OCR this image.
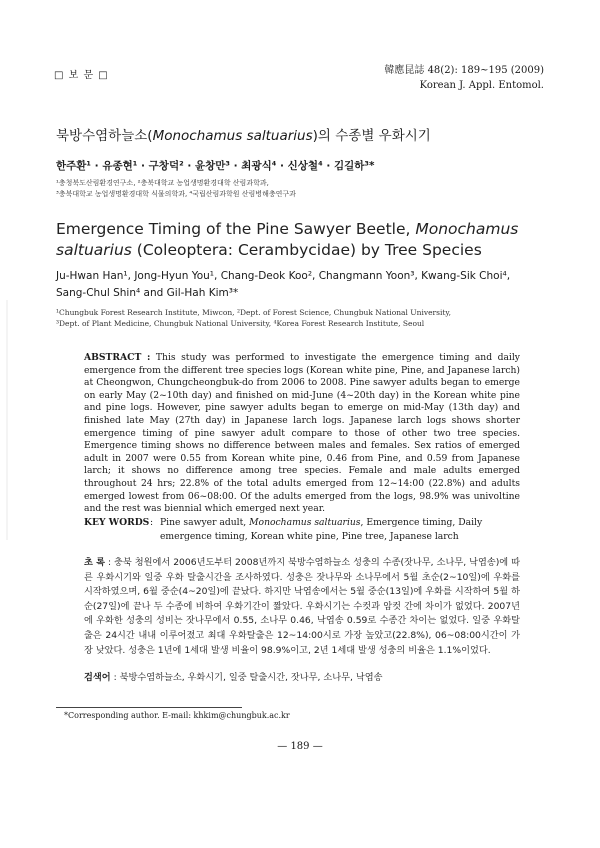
□ 보 문 □	韓應昆誌 48(2): 189~195 (2009)
Korean J. Appl. Entomol.
북방수염하늘소(Monochamus saltuarius)의 수종별 우화시기
한주환¹ · 유종현¹ · 구창덕² · 윤창만³ · 최광식⁴ · 신상철⁴ · 김길하³*
¹충청북도산림환경연구소, ²충북대학교 농업생명환경대학 산림과학과,
³충북대학교 농업생명환경대학 식물의학과, ⁴국립산림과학원 산림병해충연구과
Emergence Timing of the Pine Sawyer Beetle, Monochamus saltuarius (Coleoptera: Cerambycidae) by Tree Species
Ju-Hwan Han¹, Jong-Hyun You¹, Chang-Deok Koo², Changmann Yoon³, Kwang-Sik Choi⁴,
Sang-Chul Shin⁴ and Gil-Hah Kim³*
¹Chungbuk Forest Research Institute, Miwcon, ²Dept. of Forest Science, Chungbuk National University,
³Dept. of Plant Medicine, Chungbuk National University, ⁴Korea Forest Research Institute, Seoul
ABSTRACT : This study was performed to investigate the emergence timing and daily emergence from the different tree species logs (Korean white pine, Pine, and Japanese larch) at Cheongwon, Chungcheongbuk-do from 2006 to 2008. Pine sawyer adults began to emerge on early May (2~10th day) and finished on mid-June (4~20th day) in the Korean white pine and pine logs. However, pine sawyer adults began to emerge on mid-May (13th day) and finished late May (27th day) in Japanese larch logs. Japanese larch logs shows shorter emergence timing of pine sawyer adult compare to those of other two tree species. Emergence timing shows no difference between males and females. Sex ratios of emerged adult in 2007 were 0.55 from Korean white pine, 0.46 from Pine, and 0.59 from Japanese larch; it shows no difference among tree species. Female and male adults emerged throughout 24 hrs; 22.8% of the total adults emerged from 12~14:00 (22.8%) and adults emerged lowest from 06~08:00. Of the adults emerged from the logs, 98.9% was univoltine and the rest was biennial which emerged next year.
KEY WORDS : Pine sawyer adult, Monochamus saltuarius, Emergence timing, Daily emergence timing, Korean white pine, Pine tree, Japanese larch
초 록 : 충북 청원에서 2006년도부터 2008년까지 북방수염하늘소 성충의 수종(잣나무, 소나무, 낙엽송)에 따른 우화시기와 일중 우화 탈출시간을 조사하였다. 성충은 잣나무와 소나무에서 5월 초순(2~10일)에 우화를 시작하였으며, 6월 중순(4~20일)에 끝났다. 하지만 낙엽송에서는 5월 중순(13일)에 우화를 시작하여 5월 하순(27일)에 끝나 두 수종에 비하여 우화기간이 짧았다. 우화시기는 수컷과 암컷 간에 차이가 없었다. 2007년에 우화한 성충의 성비는 잣나무에서 0.55, 소나무 0.46, 낙엽송 0.59로 수종간 차이는 없었다. 일중 우화탈출은 24시간 내내 이루어졌고 최대 우화탈출은 12~14:00시로 가장 높았고(22.8%), 06~08:00시간이 가장 낮았다. 성충은 1년에 1세대 발생 비율이 98.9%이고, 2년 1세대 발생 성충의 비율은 1.1%이었다.
검색어 : 북방수염하늘소, 우화시기, 일중 탈출시간, 잣나무, 소나무, 낙엽송
*Corresponding author. E-mail: khkim@chungbuk.ac.kr
— 189 —
